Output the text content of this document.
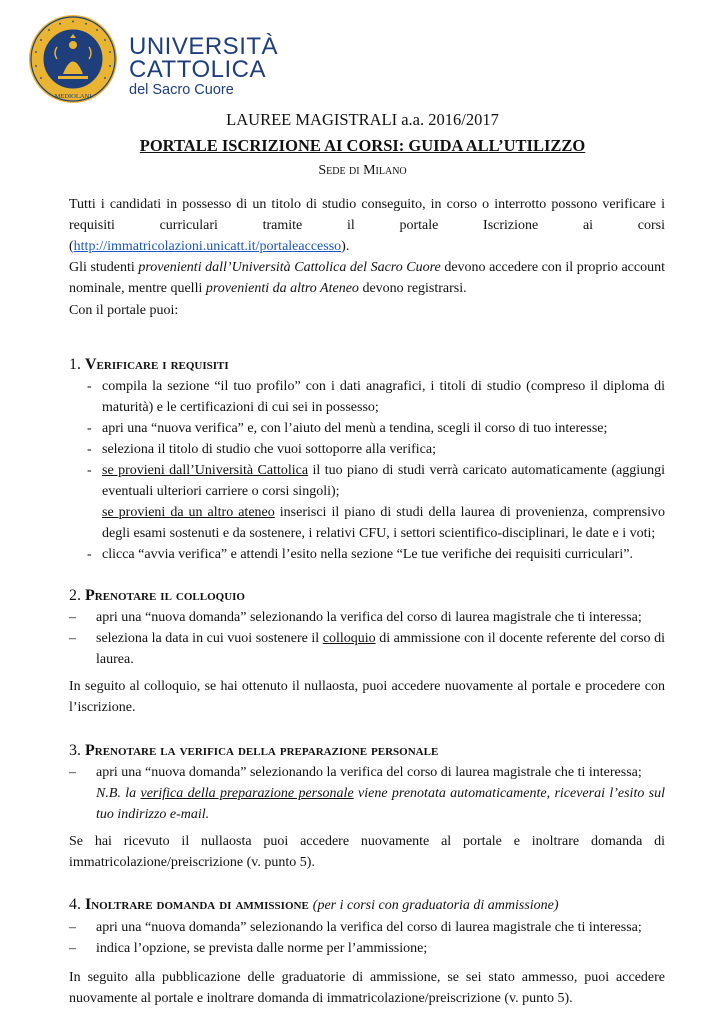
MEDIOLANI
UNIVERSITÀ
CATTOLICA
del Sacro Cuore
LAUREE MAGISTRALI a.a. 2016/2017
PORTALE ISCRIZIONE AI CORSI: GUIDA ALL’UTILIZZO
Sede di Milano

Tutti i candidati in possesso di un titolo di studio conseguito, in corso o interrotto possono verificare i requisiti curriculari tramite il portale Iscrizione ai corsi

(http://immatricolazioni.unicatt.it/portaleaccesso).

Gli studenti provenienti dall’Università Cattolica del Sacro Cuore devono accedere con il proprio account nominale, mentre quelli provenienti da altro Ateneo devono registrarsi.

Con il portale puoi:

1. Verificare i requisiti

- compila la sezione “il tuo profilo” con i dati anagrafici, i titoli di studio (compreso il diploma di maturità) e le certificazioni di cui sei in possesso;
- apri una “nuova verifica” e, con l’aiuto del menù a tendina, scegli il corso di tuo interesse;
- seleziona il titolo di studio che vuoi sottoporre alla verifica;
- se provieni dall’Università Cattolica il tuo piano di studi verrà caricato automaticamente (aggiungi eventuali ulteriori carriere o corsi singoli);
se provieni da un altro ateneo inserisci il piano di studi della laurea di provenienza, comprensivo degli esami sostenuti e da sostenere, i relativi CFU, i settori scientifico-disciplinari, le date e i voti;
- clicca “avvia verifica” e attendi l’esito nella sezione “Le tue verifiche dei requisiti curriculari”.

2. Prenotare il colloquio

– apri una “nuova domanda” selezionando la verifica del corso di laurea magistrale che ti interessa;
– seleziona la data in cui vuoi sostenere il colloquio di ammissione con il docente referente del corso di laurea.

In seguito al colloquio, se hai ottenuto il nullaosta, puoi accedere nuovamente al portale e procedere con l’iscrizione.

3. Prenotare la verifica della preparazione personale

– apri una “nuova domanda” selezionando la verifica del corso di laurea magistrale che ti interessa;

N.B. la verifica della preparazione personale viene prenotata automaticamente, riceverai l’esito sul tuo indirizzo e-mail.

Se hai ricevuto il nullaosta puoi accedere nuovamente al portale e inoltrare domanda di immatricolazione/preiscrizione (v. punto 5).

4. Inoltrare domanda di ammissione (per i corsi con graduatoria di ammissione)

– apri una “nuova domanda” selezionando la verifica del corso di laurea magistrale che ti interessa;
– indica l’opzione, se prevista dalle norme per l’ammissione;

In seguito alla pubblicazione delle graduatorie di ammissione, se sei stato ammesso, puoi accedere nuovamente al portale e inoltrare domanda di immatricolazione/preiscrizione (v. punto 5).
